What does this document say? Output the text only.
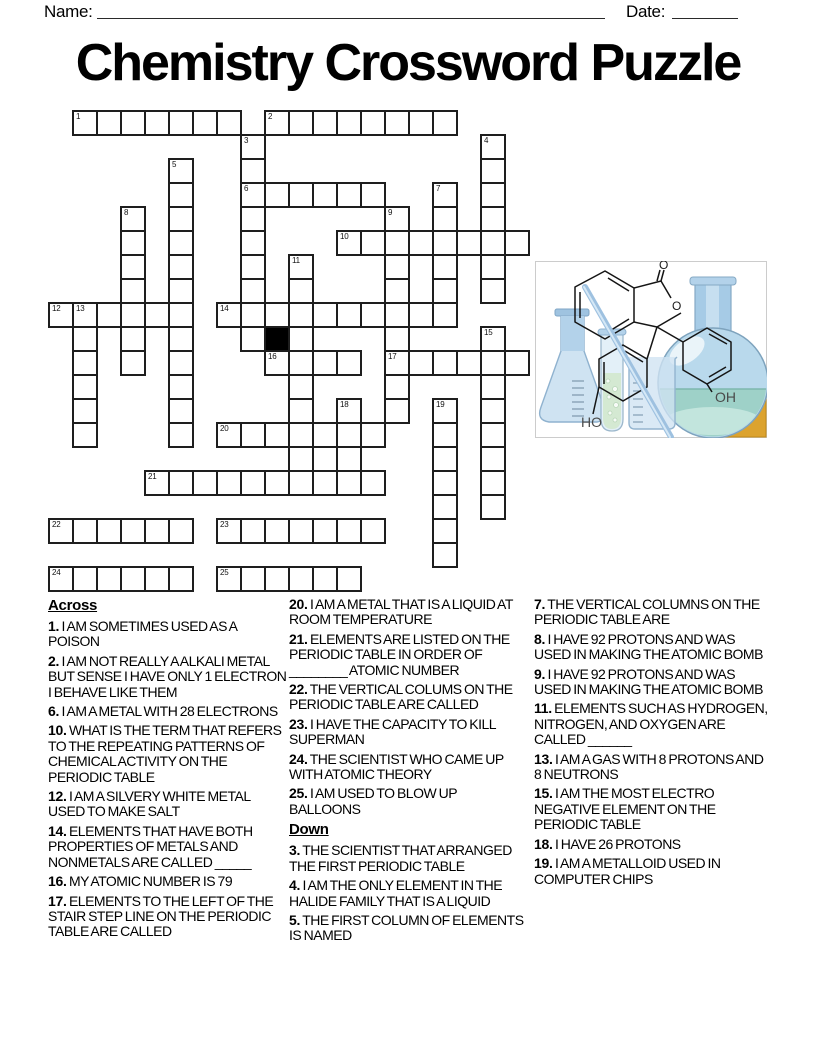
Name:	Date:
Chemistry Crossword Puzzle
1	2
3
6
4
5
7
8	9
17
10
11
12 13	14
15
16
18	19
20
21
22	23
24	25
O
O
HO
OH
Across

1. I AM SOMETIMES USED AS A POISON

2. I AM NOT REALLY A ALKALI METAL BUT SENSE I HAVE ONLY 1 ELECTRON I BEHAVE LIKE THEM

6. I AM A METAL WITH 28 ELECTRONS

10. WHAT IS THE TERM THAT REFERS TO THE REPEATING PATTERNS OF CHEMICAL ACTIVITY ON THE PERIODIC TABLE

12. I AM A SILVERY WHITE METAL USED TO MAKE SALT

14. ELEMENTS THAT HAVE BOTH PROPERTIES OF METALS AND NONMETALS ARE CALLED _____

16. MY ATOMIC NUMBER IS 79

17. ELEMENTS TO THE LEFT OF THE STAIR STEP LINE ON THE PERIODIC TABLE ARE CALLED

20. I AM A METAL THAT IS A LIQUID AT ROOM TEMPERATURE

21. ELEMENTS ARE LISTED ON THE PERIODIC TABLE IN ORDER OF ________ ATOMIC NUMBER

22. THE VERTICAL COLUMS ON THE PERIODIC TABLE ARE CALLED

23. I HAVE THE CAPACITY TO KILL SUPERMAN

24. THE SCIENTIST WHO CAME UP WITH ATOMIC THEORY

25. I AM USED TO BLOW UP BALLOONS

Down

3. THE SCIENTIST THAT ARRANGED THE FIRST PERIODIC TABLE

4. I AM THE ONLY ELEMENT IN THE HALIDE FAMILY THAT IS A LIQUID

5. THE FIRST COLUMN OF ELEMENTS IS NAMED

7. THE VERTICAL COLUMNS ON THE PERIODIC TABLE ARE

8. I HAVE 92 PROTONS AND WAS USED IN MAKING THE ATOMIC BOMB

9. I HAVE 92 PROTONS AND WAS USED IN MAKING THE ATOMIC BOMB

11. ELEMENTS SUCH AS HYDROGEN, NITROGEN, AND OXYGEN ARE CALLED ______

13. I AM A GAS WITH 8 PROTONS AND 8 NEUTRONS

15. I AM THE MOST ELECTRO NEGATIVE ELEMENT ON THE PERIODIC TABLE

18. I HAVE 26 PROTONS

19. I AM A METALLOID USED IN COMPUTER CHIPS
